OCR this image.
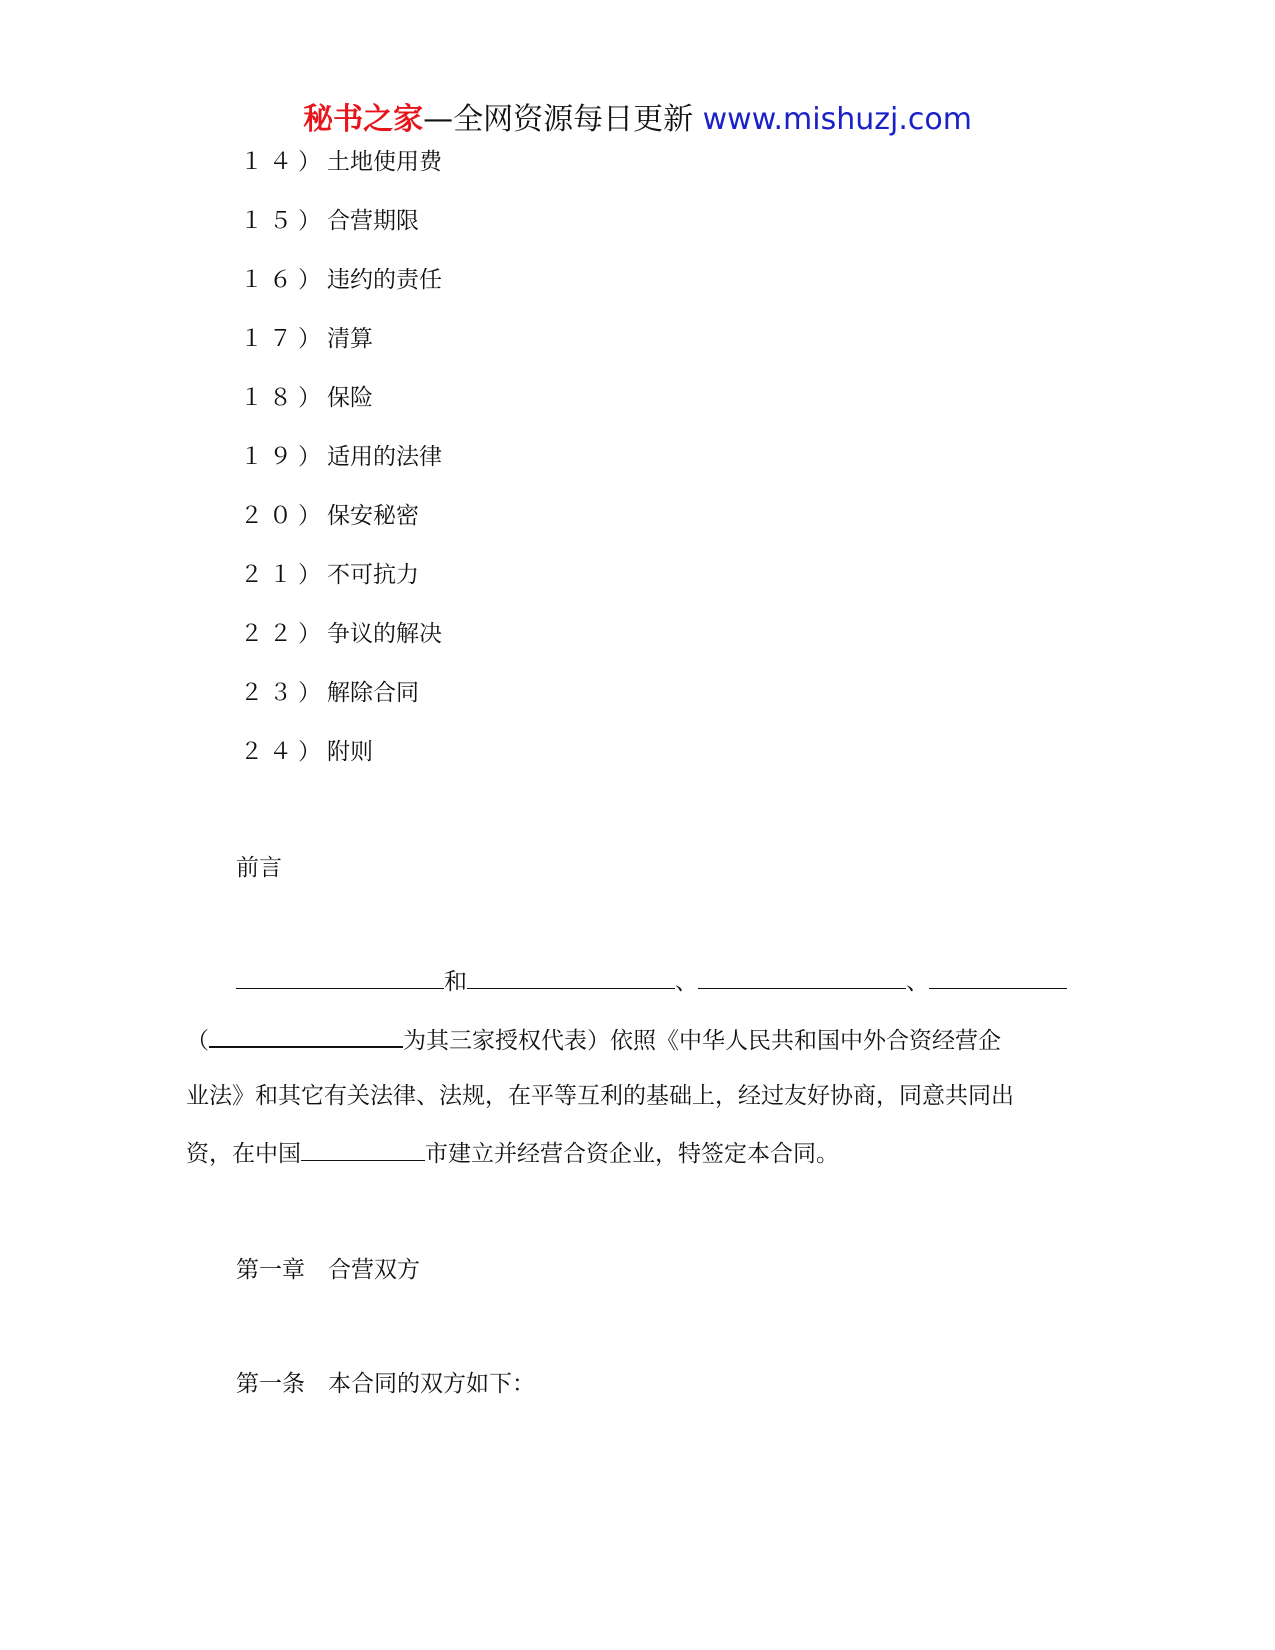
秘书之家—全网资源每日更新 www.mishuzj.com
１４）土地使用费
１５）合营期限
１６）违约的责任
１７）清算
１８）保险
１９）适用的法律
２０）保安秘密
２１）不可抗力
２２）争议的解决
２３）解除合同
２４）附则
前言
和	、	、
（	为其三家授权代表）依照《中华人民共和国中外合资经营企
业法》和其它有关法律、法规，在平等互利的基础上，经过友好协商，同意共同出
资，在中国	市建立并经营合资企业，特签定本合同。
第一章　合营双方
第一条　本合同的双方如下：
